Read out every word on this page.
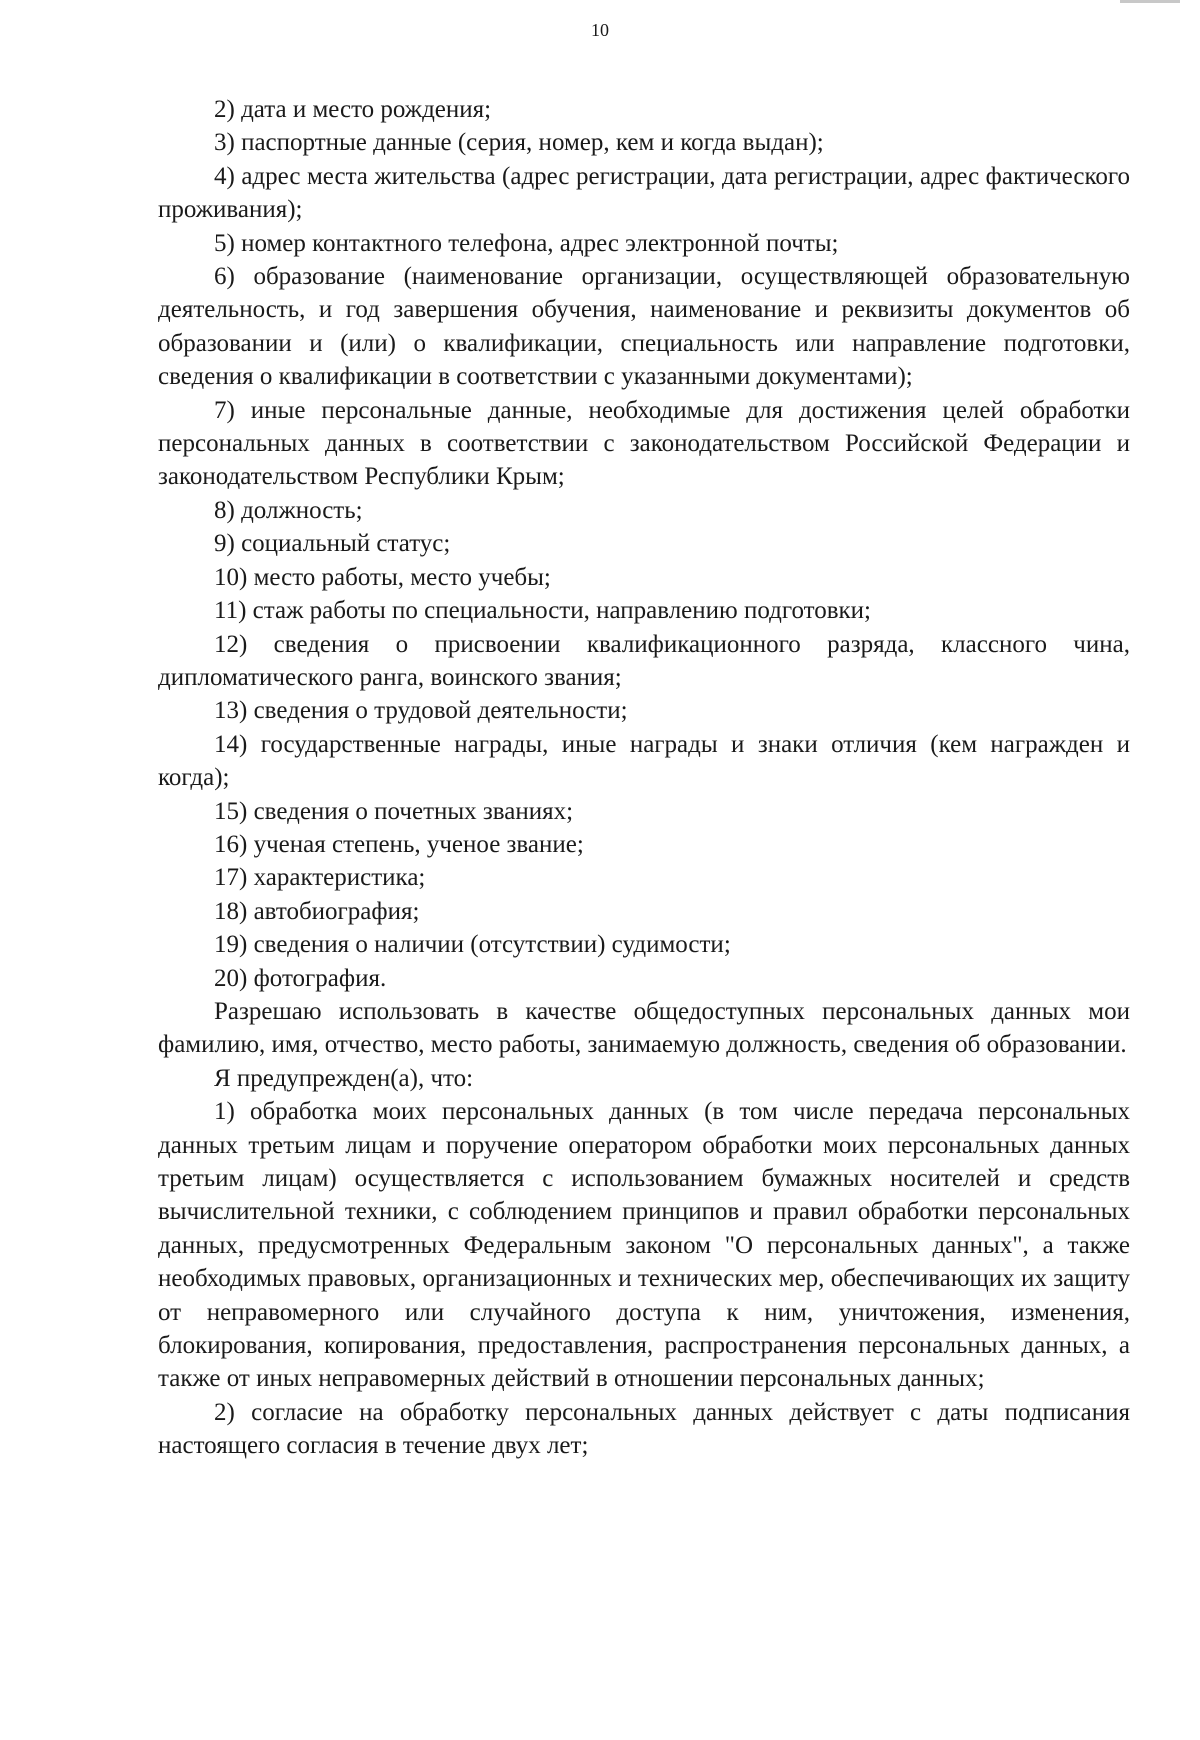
10

2) дата и место рождения;

3) паспортные данные (серия, номер, кем и когда выдан);

4) адрес места жительства (адрес регистрации, дата регистрации, адрес фактического проживания);

5) номер контактного телефона, адрес электронной почты;

6) образование (наименование организации, осуществляющей образовательную деятельность, и год завершения обучения, наименование и реквизиты документов об образовании и (или) о квалификации, специальность или направление подготовки, сведения о квалификации в соответствии с указанными документами);

7) иные персональные данные, необходимые для достижения целей обработки персональных данных в соответствии с законодательством Российской Федерации и законодательством Республики Крым;

8) должность;

9) социальный статус;

10) место работы, место учебы;

11) стаж работы по специальности, направлению подготовки;

12) сведения о присвоении квалификационного разряда, классного чина, дипломатического ранга, воинского звания;

13) сведения о трудовой деятельности;

14) государственные награды, иные награды и знаки отличия (кем награжден и когда);

15) сведения о почетных званиях;

16) ученая степень, ученое звание;

17) характеристика;

18) автобиография;

19) сведения о наличии (отсутствии) судимости;

20) фотография.

Разрешаю использовать в качестве общедоступных персональных данных мои фамилию, имя, отчество, место работы, занимаемую должность, сведения об образовании.

Я предупрежден(а), что:

1) обработка моих персональных данных (в том числе передача персональных данных третьим лицам и поручение оператором обработки моих персональных данных третьим лицам) осуществляется с использованием бумажных носителей и средств вычислительной техники, с соблюдением принципов и правил обработки персональных данных, предусмотренных Федеральным законом "О персональных данных", а также необходимых правовых, организационных и технических мер, обеспечивающих их защиту от неправомерного или случайного доступа к ним, уничтожения, изменения, блокирования, копирования, предоставления, распространения персональных данных, а также от иных неправомерных действий в отношении персональных данных;

2) согласие на обработку персональных данных действует с даты подписания настоящего согласия в течение двух лет;
